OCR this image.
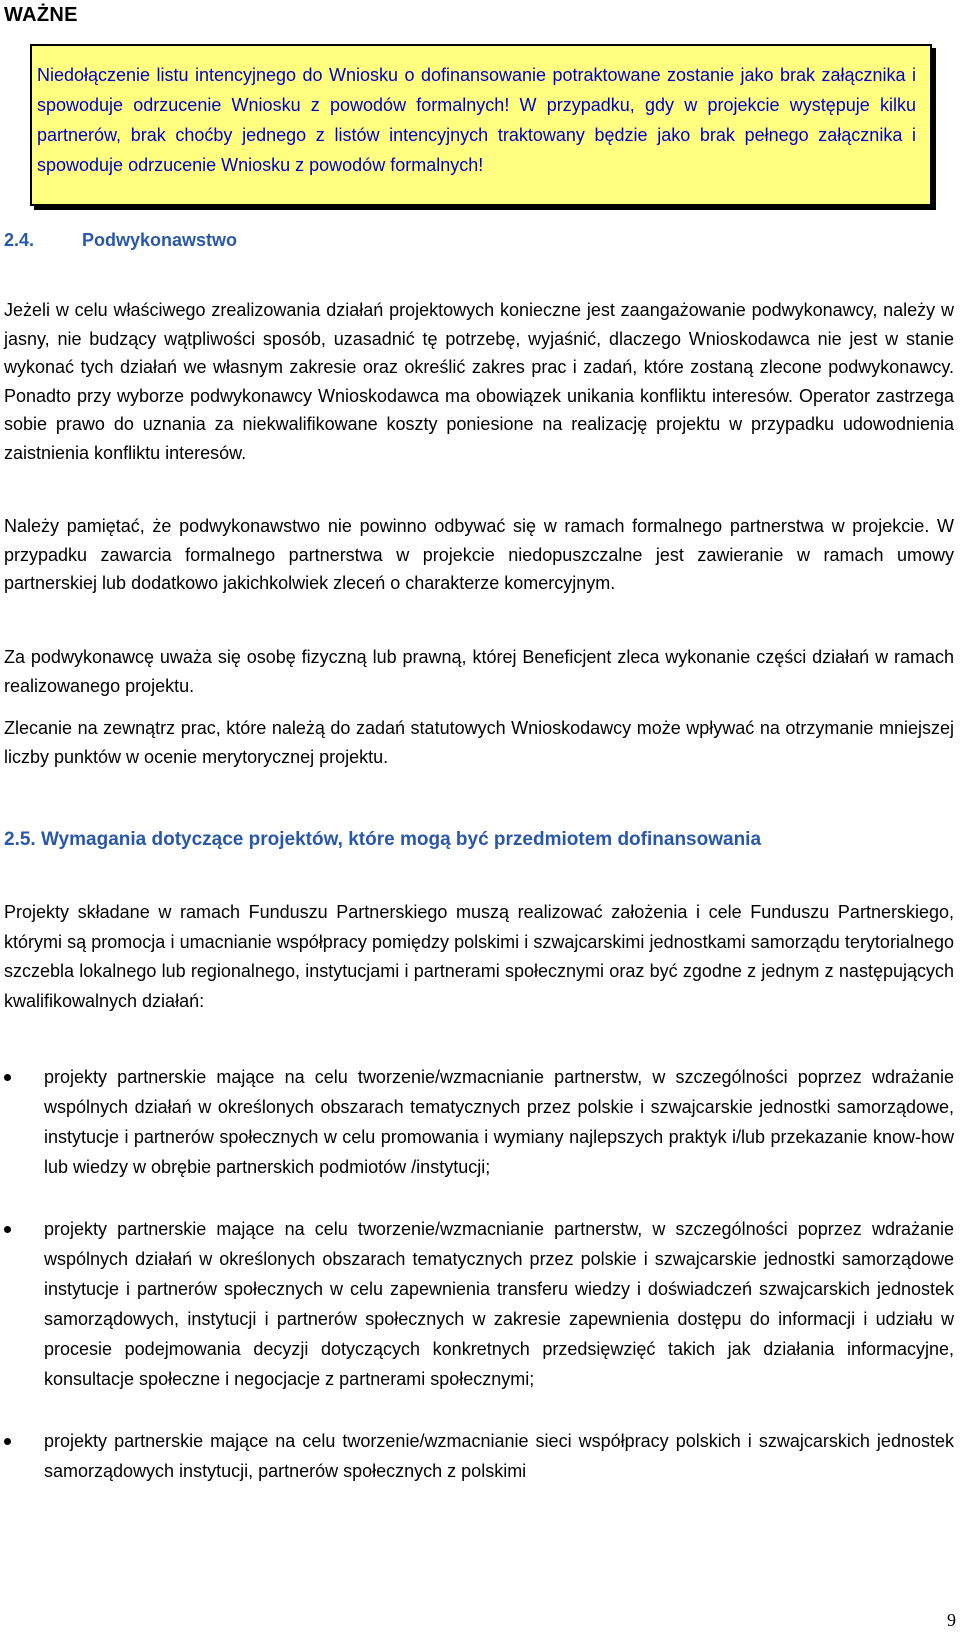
WAŻNE
Niedołączenie listu intencyjnego do Wniosku o dofinansowanie potraktowane zostanie jako brak załącznika i spowoduje odrzucenie Wniosku z powodów formalnych! W przypadku, gdy w projekcie występuje kilku partnerów, brak choćby jednego z listów intencyjnych traktowany będzie jako brak pełnego załącznika i spowoduje odrzucenie Wniosku z powodów formalnych!
2.4.	Podwykonawstwo
Jeżeli w celu właściwego zrealizowania działań projektowych konieczne jest zaangażowanie podwykonawcy, należy w jasny, nie budzący wątpliwości sposób, uzasadnić tę potrzebę, wyjaśnić, dlaczego Wnioskodawca nie jest w stanie wykonać tych działań we własnym zakresie oraz określić zakres prac i zadań, które zostaną zlecone podwykonawcy. Ponadto przy wyborze podwykonawcy Wnioskodawca ma obowiązek unikania konfliktu interesów. Operator zastrzega sobie prawo do uznania za niekwalifikowane koszty poniesione na realizację projektu w przypadku udowodnienia zaistnienia konfliktu interesów.
Należy pamiętać, że podwykonawstwo nie powinno odbywać się w ramach formalnego partnerstwa w projekcie. W przypadku zawarcia formalnego partnerstwa w projekcie niedopuszczalne jest zawieranie w ramach umowy partnerskiej lub dodatkowo jakichkolwiek zleceń o charakterze komercyjnym.
Za podwykonawcę uważa się osobę fizyczną lub prawną, której Beneficjent zleca wykonanie części działań w ramach realizowanego projektu.
Zlecanie na zewnątrz prac, które należą do zadań statutowych Wnioskodawcy może wpływać na otrzymanie mniejszej liczby punktów w ocenie merytorycznej projektu.
2.5. Wymagania dotyczące projektów, które mogą być przedmiotem dofinansowania
Projekty składane w ramach Funduszu Partnerskiego muszą realizować założenia i cele Funduszu Partnerskiego, którymi są promocja i umacnianie współpracy pomiędzy polskimi i szwajcarskimi jednostkami samorządu terytorialnego szczebla lokalnego lub regionalnego, instytucjami i partnerami społecznymi oraz być zgodne z jednym z następujących kwalifikowalnych działań:
projekty partnerskie mające na celu tworzenie/wzmacnianie partnerstw, w szczególności poprzez wdrażanie wspólnych działań w określonych obszarach tematycznych przez polskie i szwajcarskie jednostki samorządowe, instytucje i partnerów społecznych w celu promowania i wymiany najlepszych praktyk i/lub przekazanie know-how lub wiedzy w obrębie partnerskich podmiotów /instytucji;
projekty partnerskie mające na celu tworzenie/wzmacnianie partnerstw, w szczególności poprzez wdrażanie wspólnych działań w określonych obszarach tematycznych przez polskie i szwajcarskie jednostki samorządowe instytucje i partnerów społecznych w celu zapewnienia transferu wiedzy i doświadczeń szwajcarskich jednostek samorządowych, instytucji i partnerów społecznych w zakresie zapewnienia dostępu do informacji i udziału w procesie podejmowania decyzji dotyczących konkretnych przedsięwzięć takich jak działania informacyjne, konsultacje społeczne i negocjacje z partnerami społecznymi;
projekty partnerskie mające na celu tworzenie/wzmacnianie sieci współpracy polskich i szwajcarskich jednostek samorządowych instytucji, partnerów społecznych z polskimi
9
